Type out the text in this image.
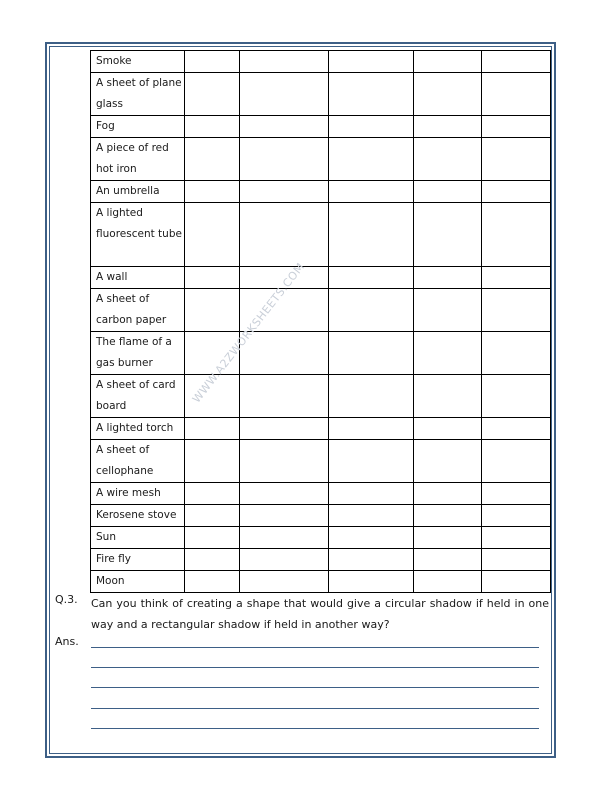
Smoke					
A sheet of plane glass					
Fog					
A piece of red hot iron					
An umbrella					
A lighted fluorescent tube					
A wall					
A sheet of carbon paper					
The flame of a gas burner					
A sheet of card board					
A lighted torch					
A sheet of cellophane					
A wire mesh					
Kerosene stove					
Sun					
Fire fly					
Moon					
WWW.A2ZWORKSHEETS.COM
Q.3. Can you think of creating a shape that would give a circular shadow if held in one way and a rectangular shadow if held in another way?
Ans.
